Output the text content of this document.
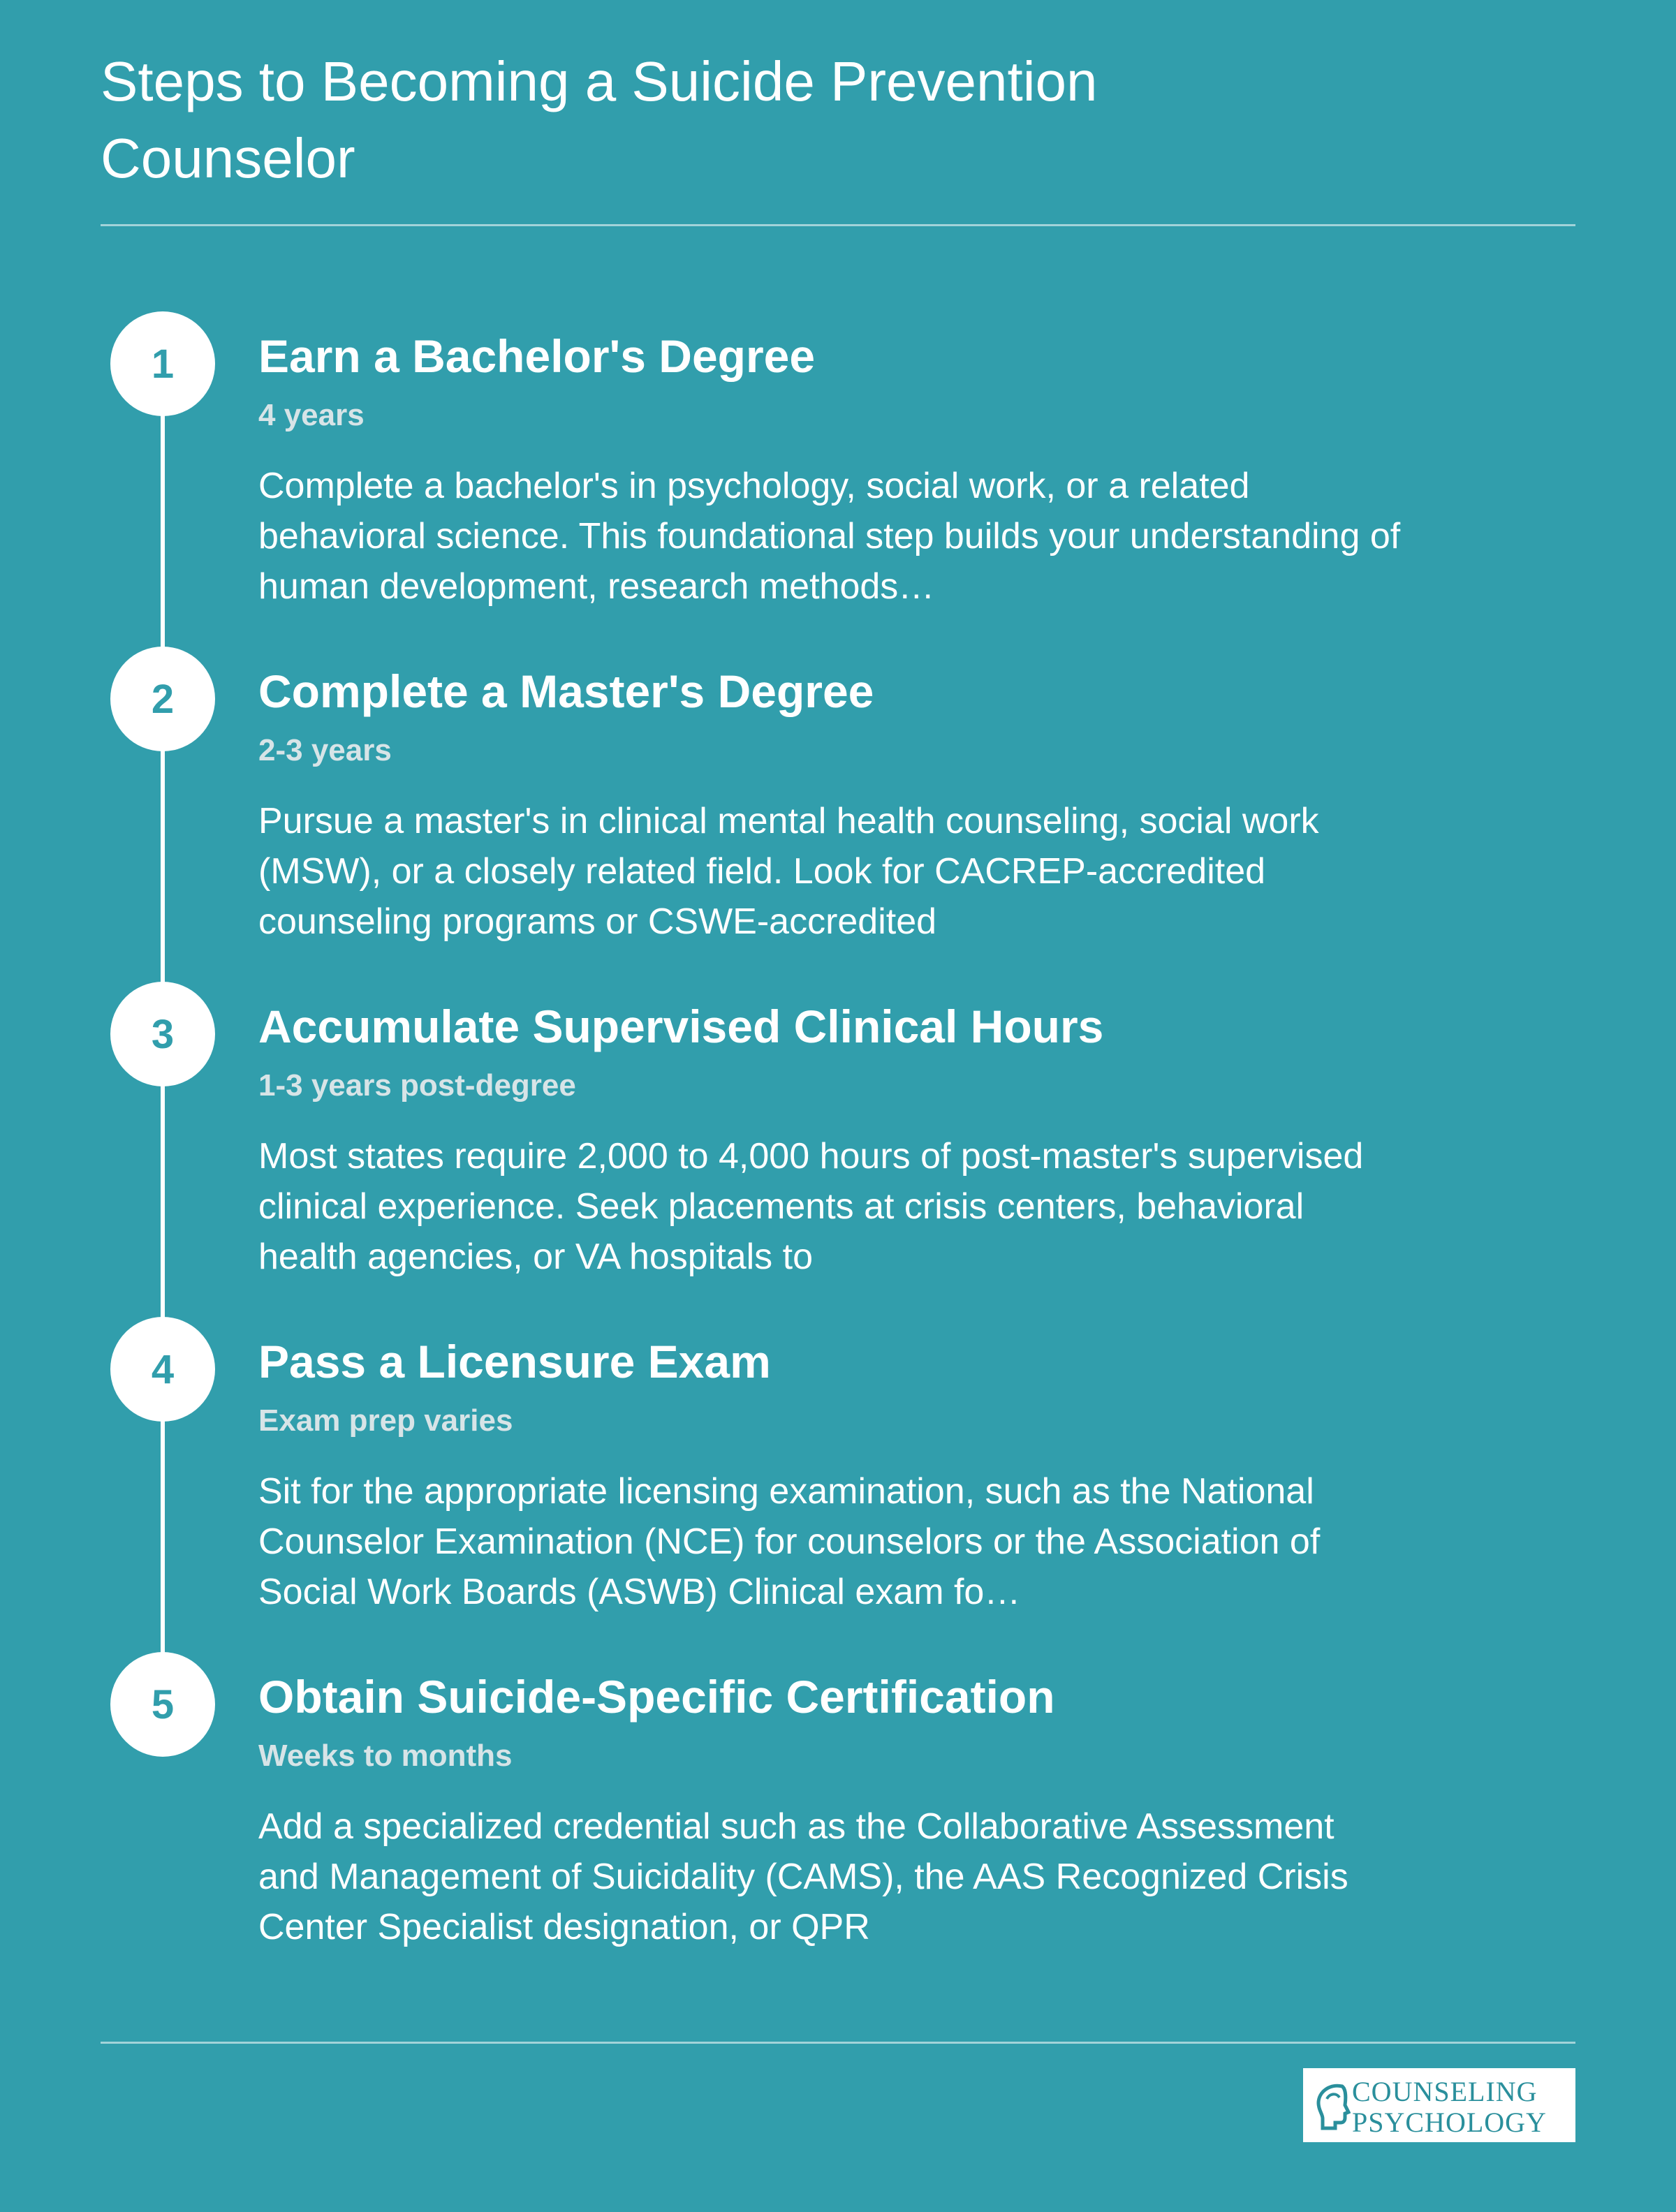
Steps to Becoming a Suicide Prevention Counselor
1	Earn a Bachelor's Degree
4 years

Complete a bachelor's in psychology, social work, or a related behavioral science. This foundational step builds your understanding of human development, research methods…

2	Complete a Master's Degree
2-3 years

Pursue a master's in clinical mental health counseling, social work (MSW), or a closely related field. Look for CACREP-accredited counseling programs or CSWE-accredited

3	Accumulate Supervised Clinical Hours
1-3 years post-degree

Most states require 2,000 to 4,000 hours of post-master's supervised clinical experience. Seek placements at crisis centers, behavioral health agencies, or VA hospitals to

4	Pass a Licensure Exam
Exam prep varies

Sit for the appropriate licensing examination, such as the National Counselor Examination (NCE) for counselors or the Association of Social Work Boards (ASWB) Clinical exam fo…

5	Obtain Suicide-Specific Certification
Weeks to months

Add a specialized credential such as the Collaborative Assessment and Management of Suicidality (CAMS), the AAS Recognized Crisis Center Specialist designation, or QPR

COUNSELING
PSYCHOLOGY
